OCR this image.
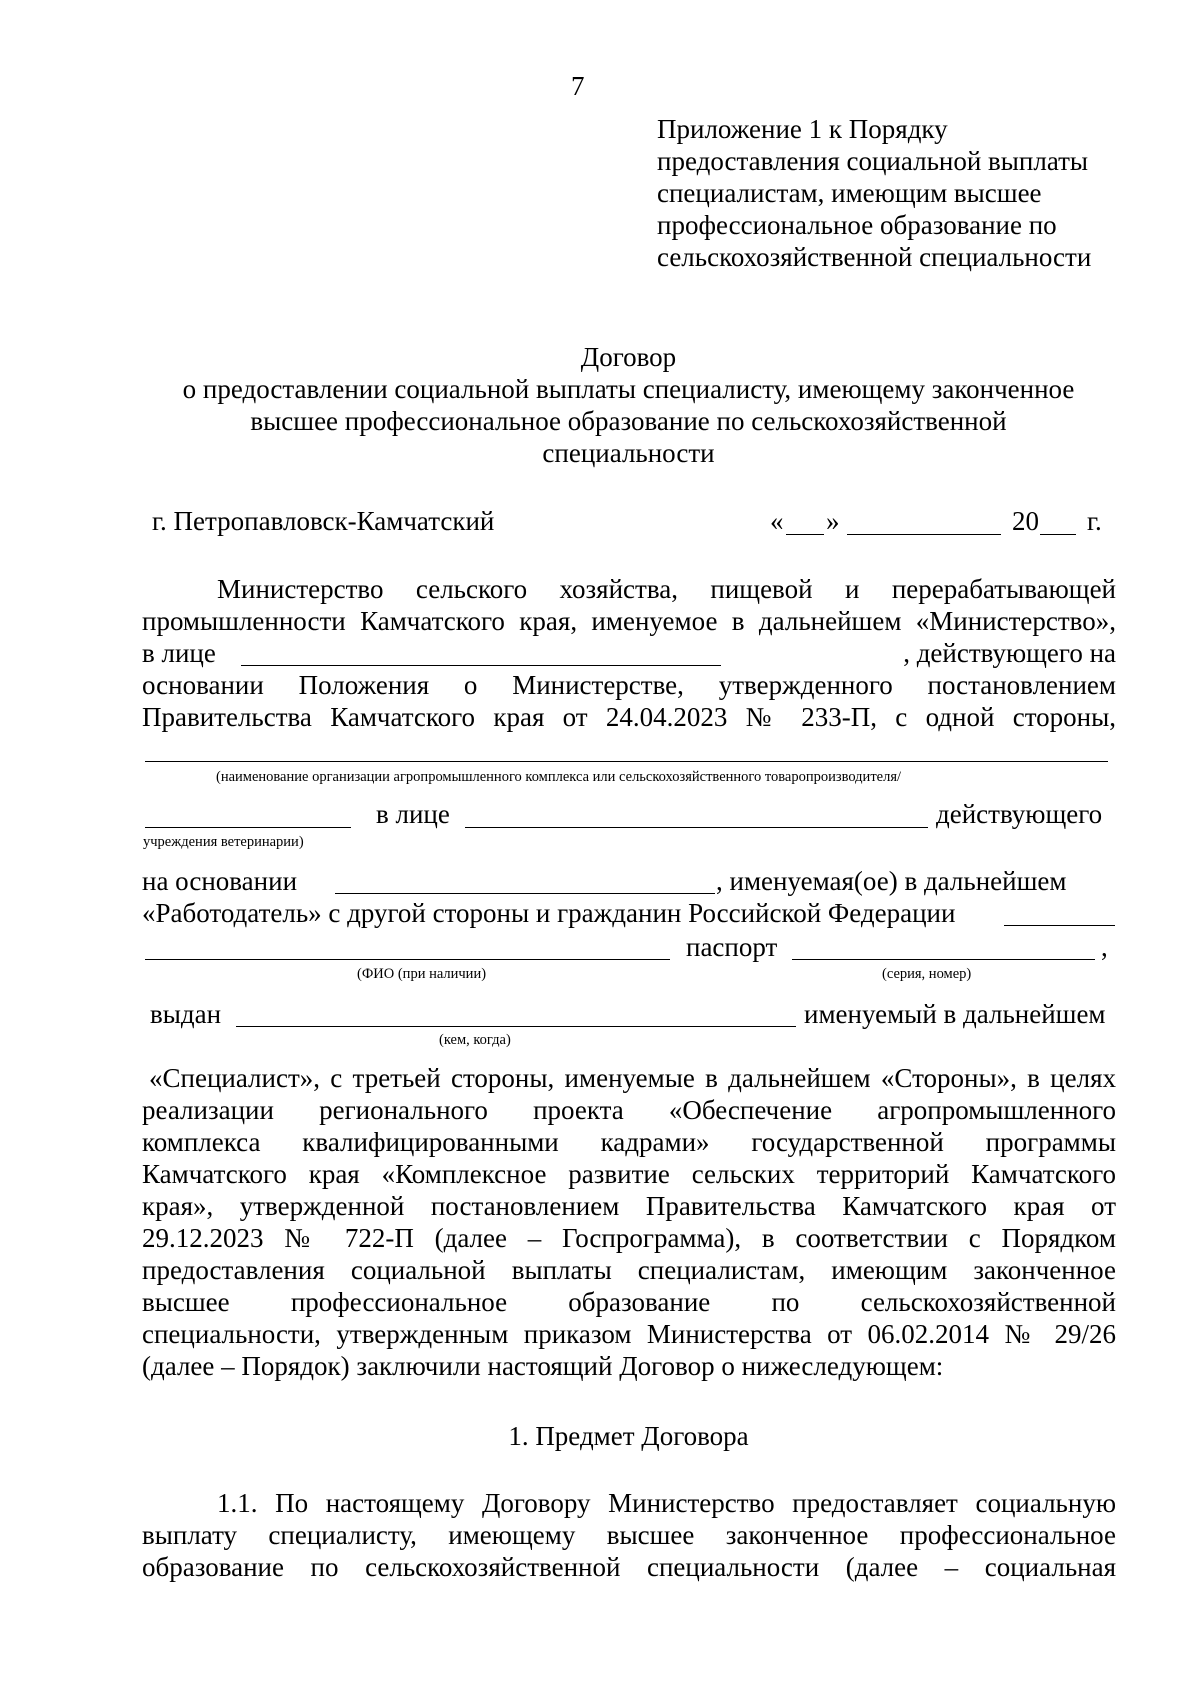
7
Приложение 1 к Порядку
предоставления социальной выплаты
специалистам, имеющим высшее
профессиональное образование по
сельскохозяйственной специальности
Договор
о предоставлении социальной выплаты специалисту, имеющему законченное
высшее профессиональное образование по сельскохозяйственной
специальности
г. Петропавловск-Камчатский	« »	20 г.
Министерство сельского хозяйства, пищевой и перерабатывающей
промышленности Камчатского края, именуемое в дальнейшем «Министерство»,
в лице	, действующего на
основании Положения о Министерстве, утвержденного постановлением
Правительства Камчатского края от 24.04.2023 № 233-П, с одной стороны,
(наименование организации агропромышленного комплекса или сельскохозяйственного товаропроизводителя/
в лице	действующего
учреждения ветеринарии)
на основании	, именуемая(ое) в дальнейшем
«Работодатель» с другой стороны и гражданин Российской Федерации
паспорт	,
(ФИО (при наличии)	(серия, номер)
выдан	именуемый в дальнейшем
(кем, когда)
«Специалист», с третьей стороны, именуемые в дальнейшем «Стороны», в целях
реализации регионального проекта «Обеспечение агропромышленного
комплекса квалифицированными кадрами» государственной программы
Камчатского края «Комплексное развитие сельских территорий Камчатского
края», утвержденной постановлением Правительства Камчатского края от
29.12.2023 № 722-П (далее – Госпрограмма), в соответствии с Порядком
предоставления социальной выплаты специалистам, имеющим законченное
высшее профессиональное образование по сельскохозяйственной
специальности, утвержденным приказом Министерства от 06.02.2014 № 29/26
(далее – Порядок) заключили настоящий Договор о нижеследующем:
1. Предмет Договора
1.1. По настоящему Договору Министерство предоставляет социальную
выплату специалисту, имеющему высшее законченное профессиональное
образование по сельскохозяйственной специальности (далее – социальная
